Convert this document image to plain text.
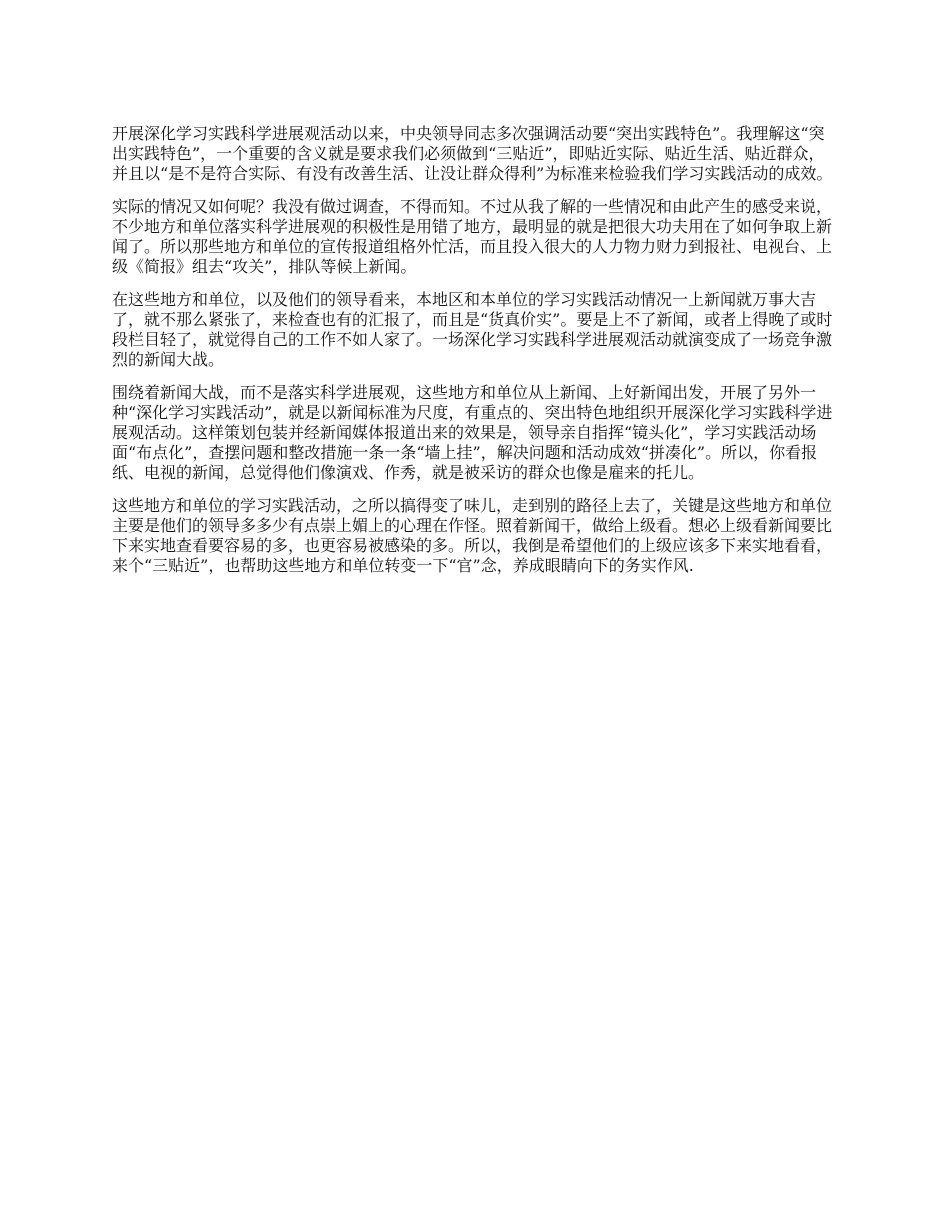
开展深化学习实践科学进展观活动以来，中央领导同志多次强调活动要“突出实践特色”。我理解这“突出实践特色”，一个重要的含义就是要求我们必须做到“三贴近”，即贴近实际、贴近生活、贴近群众，并且以“是不是符合实际、有没有改善生活、让没让群众得利”为标准来检验我们学习实践活动的成效。

实际的情况又如何呢？我没有做过调查，不得而知。不过从我了解的一些情况和由此产生的感受来说，不少地方和单位落实科学进展观的积极性是用错了地方，最明显的就是把很大功夫用在了如何争取上新闻了。所以那些地方和单位的宣传报道组格外忙活，而且投入很大的人力物力财力到报社、电视台、上级《简报》组去“攻关”，排队等候上新闻。

在这些地方和单位，以及他们的领导看来，本地区和本单位的学习实践活动情况一上新闻就万事大吉了，就不那么紧张了，来检查也有的汇报了，而且是“货真价实”。要是上不了新闻，或者上得晚了或时段栏目轻了，就觉得自己的工作不如人家了。一场深化学习实践科学进展观活动就演变成了一场竞争激烈的新闻大战。

围绕着新闻大战，而不是落实科学进展观，这些地方和单位从上新闻、上好新闻出发，开展了另外一种“深化学习实践活动”，就是以新闻标准为尺度，有重点的、突出特色地组织开展深化学习实践科学进展观活动。这样策划包装并经新闻媒体报道出来的效果是，领导亲自指挥“镜头化”，学习实践活动场面“布点化”，查摆问题和整改措施一条一条“墙上挂”，解决问题和活动成效“拼凑化”。所以，你看报纸、电视的新闻，总觉得他们像演戏、作秀，就是被采访的群众也像是雇来的托儿。

这些地方和单位的学习实践活动，之所以搞得变了味儿，走到别的路径上去了，关键是这些地方和单位主要是他们的领导多多少有点崇上媚上的心理在作怪。照着新闻干，做给上级看。想必上级看新闻要比下来实地查看要容易的多，也更容易被感染的多。所以，我倒是希望他们的上级应该多下来实地看看，来个“三贴近”，也帮助这些地方和单位转变一下“官”念，养成眼睛向下的务实作风.
